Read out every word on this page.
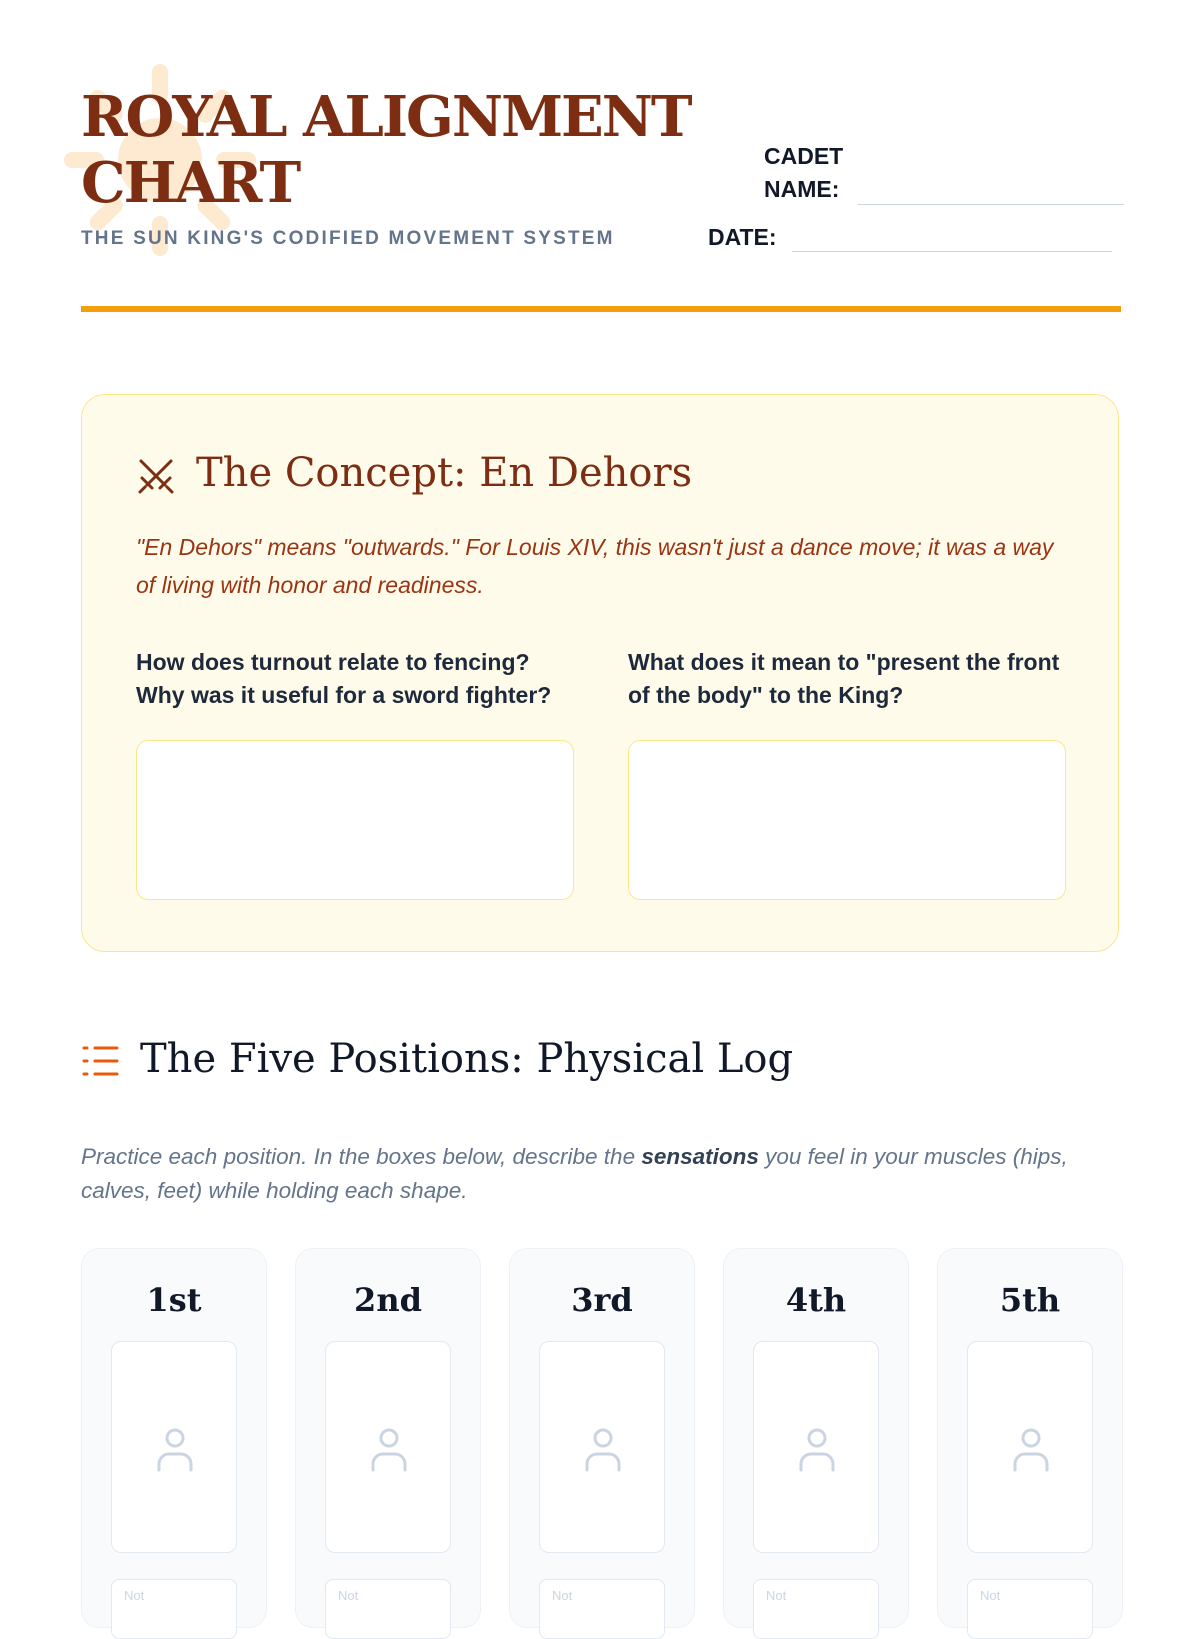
ROYAL ALIGNMENT CHART

THE SUN KING'S CODIFIED MOVEMENT SYSTEM

CADET NAME:
DATE:
The Concept: En Dehors

"En Dehors" means "outwards." For Louis XIV, this wasn't just a dance move; it was a way of living with honor and readiness.

How does turnout relate to fencing? Why was it useful for a sword fighter?

What does it mean to "present the front of the body" to the King?

The Five Positions: Physical Log

Practice each position. In the boxes below, describe the sensations you feel in your muscles (hips, calves, feet) while holding each shape.

1st
Not
2nd
Not
3rd
Not
4th
Not
5th
Not
